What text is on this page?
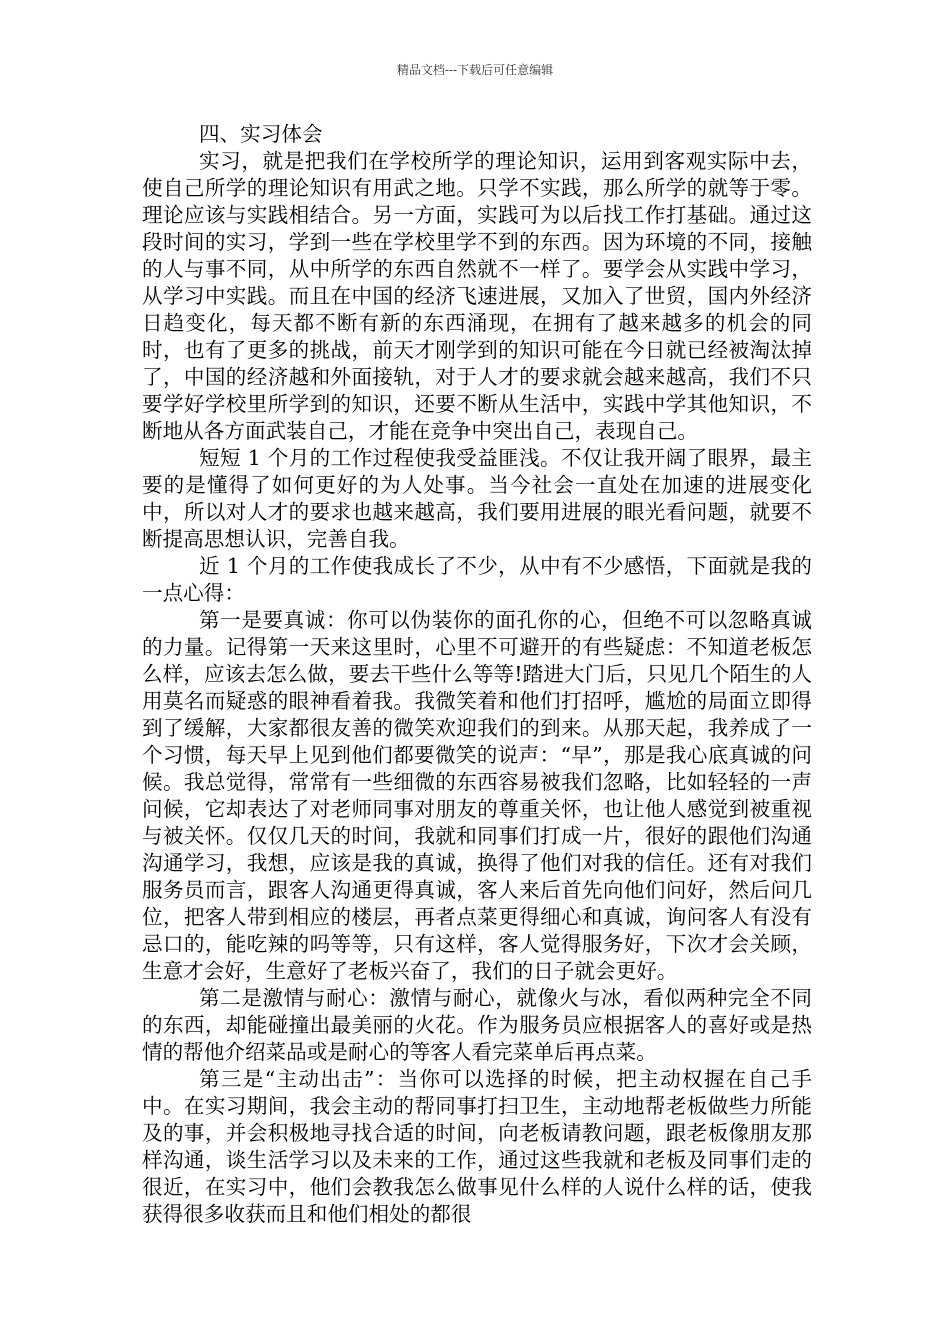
精品文档---下载后可任意编辑
四、实习体会

实习，就是把我们在学校所学的理论知识，运用到客观实际中去，使自己所学的理论知识有用武之地。只学不实践，那么所学的就等于零。理论应该与实践相结合。另一方面，实践可为以后找工作打基础。通过这段时间的实习，学到一些在学校里学不到的东西。因为环境的不同，接触的人与事不同，从中所学的东西自然就不一样了。要学会从实践中学习，从学习中实践。而且在中国的经济飞速进展，又加入了世贸，国内外经济日趋变化，每天都不断有新的东西涌现，在拥有了越来越多的机会的同时，也有了更多的挑战，前天才刚学到的知识可能在今日就已经被淘汰掉了，中国的经济越和外面接轨，对于人才的要求就会越来越高，我们不只要学好学校里所学到的知识，还要不断从生活中，实践中学其他知识，不断地从各方面武装自己，才能在竞争中突出自己，表现自己。

短短 1 个月的工作过程使我受益匪浅。不仅让我开阔了眼界，最主要的是懂得了如何更好的为人处事。当今社会一直处在加速的进展变化中，所以对人才的要求也越来越高，我们要用进展的眼光看问题，就要不断提高思想认识，完善自我。

近 1 个月的工作使我成长了不少，从中有不少感悟，下面就是我的一点心得：

第一是要真诚：你可以伪装你的面孔你的心，但绝不可以忽略真诚的力量。记得第一天来这里时，心里不可避开的有些疑虑：不知道老板怎么样，应该去怎么做，要去干些什么等等!踏进大门后，只见几个陌生的人用莫名而疑惑的眼神看着我。我微笑着和他们打招呼，尴尬的局面立即得到了缓解，大家都很友善的微笑欢迎我们的到来。从那天起，我养成了一个习惯，每天早上见到他们都要微笑的说声：“早”，那是我心底真诚的问候。我总觉得，常常有一些细微的东西容易被我们忽略，比如轻轻的一声问候，它却表达了对老师同事对朋友的尊重关怀，也让他人感觉到被重视与被关怀。仅仅几天的时间，我就和同事们打成一片，很好的跟他们沟通沟通学习，我想，应该是我的真诚，换得了他们对我的信任。还有对我们服务员而言，跟客人沟通更得真诚，客人来后首先向他们问好，然后问几位，把客人带到相应的楼层，再者点菜更得细心和真诚，询问客人有没有忌口的，能吃辣的吗等等，只有这样，客人觉得服务好，下次才会关顾，生意才会好，生意好了老板兴奋了，我们的日子就会更好。

第二是激情与耐心：激情与耐心，就像火与冰，看似两种完全不同的东西，却能碰撞出最美丽的火花。作为服务员应根据客人的喜好或是热情的帮他介绍菜品或是耐心的等客人看完菜单后再点菜。

第三是“主动出击”：当你可以选择的时候，把主动权握在自己手中。在实习期间，我会主动的帮同事打扫卫生，主动地帮老板做些力所能及的事，并会积极地寻找合适的时间，向老板请教问题，跟老板像朋友那样沟通，谈生活学习以及未来的工作，通过这些我就和老板及同事们走的很近，在实习中，他们会教我怎么做事见什么样的人说什么样的话，使我获得很多收获而且和他们相处的都很
